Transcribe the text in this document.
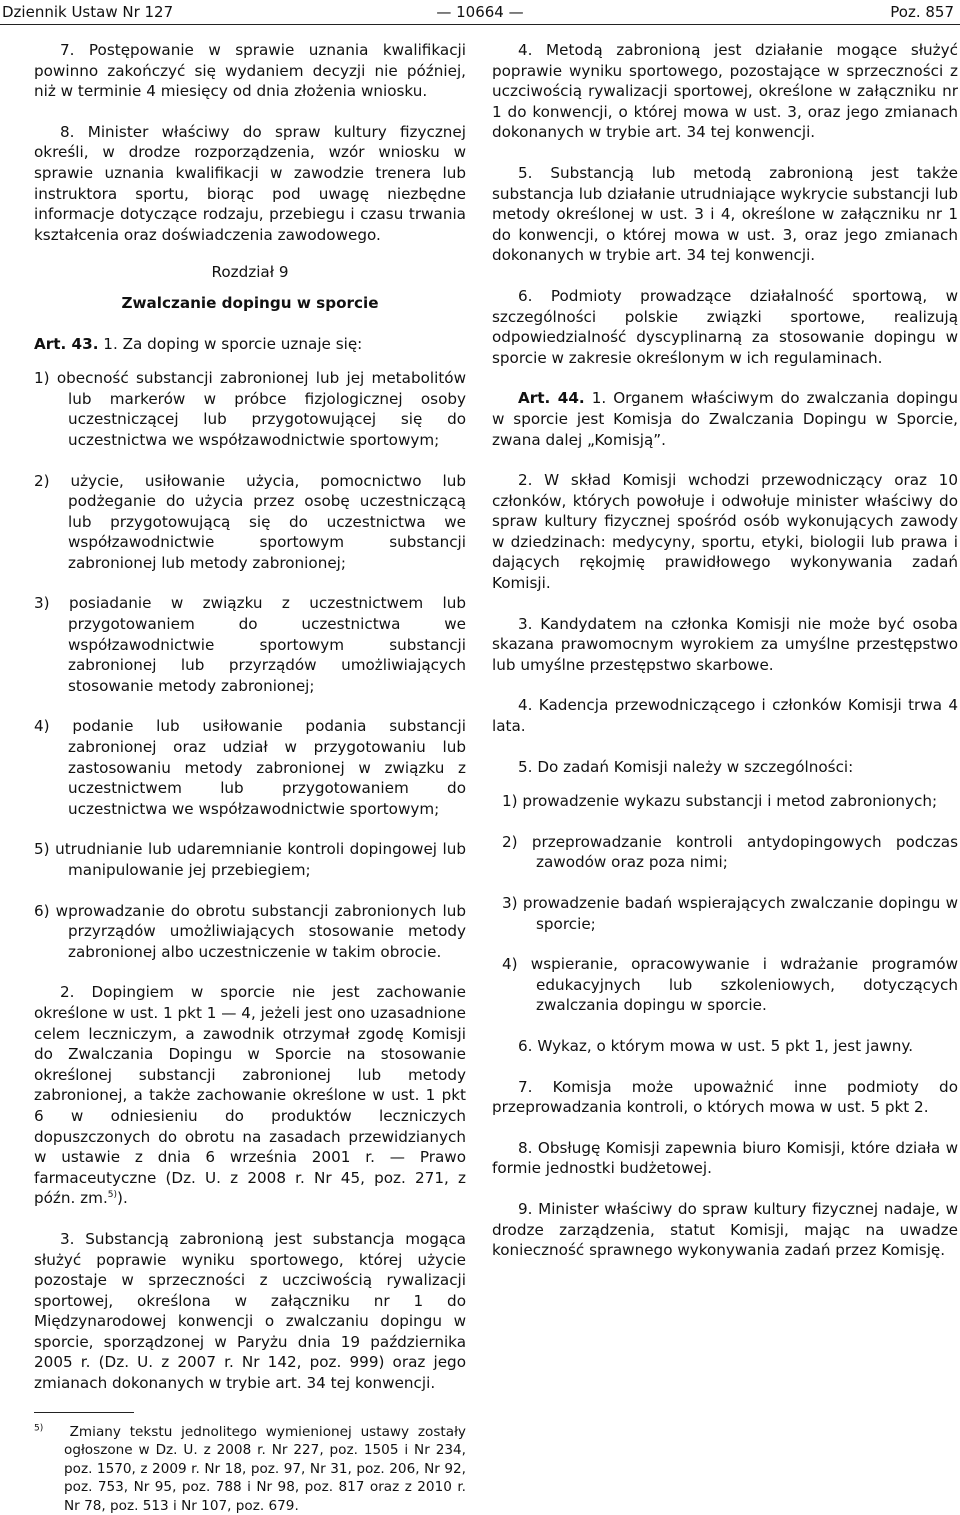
Dziennik Ustaw Nr 127	— 10664 —	Poz. 857

7. Postępowanie w sprawie uznania kwalifikacji powinno zakończyć się wydaniem decyzji nie później, niż w terminie 4 miesięcy od dnia złożenia wniosku.

8. Minister właściwy do spraw kultury fizycznej określi, w drodze rozporządzenia, wzór wniosku w sprawie uznania kwalifikacji w zawodzie trenera lub instruktora sportu, biorąc pod uwagę niezbędne informacje dotyczące rodzaju, przebiegu i czasu trwania kształcenia oraz doświadczenia zawodowego.

Rozdział 9

Zwalczanie dopingu w sporcie

Art. 43. 1. Za doping w sporcie uznaje się:

1) obecność substancji zabronionej lub jej metabolitów lub markerów w próbce fizjologicznej osoby uczestniczącej lub przygotowującej się do uczestnictwa we współzawodnictwie sportowym;

2) użycie, usiłowanie użycia, pomocnictwo lub podżeganie do użycia przez osobę uczestniczącą lub przygotowującą się do uczestnictwa we współzawodnictwie sportowym substancji zabronionej lub metody zabronionej;

3) posiadanie w związku z uczestnictwem lub przygotowaniem do uczestnictwa we współzawodnictwie sportowym substancji zabronionej lub przyrządów umożliwiających stosowanie metody zabronionej;

4) podanie lub usiłowanie podania substancji zabronionej oraz udział w przygotowaniu lub zastosowaniu metody zabronionej w związku z uczestnictwem lub przygotowaniem do uczestnictwa we współzawodnictwie sportowym;

5) utrudnianie lub udaremnianie kontroli dopingowej lub manipulowanie jej przebiegiem;

6) wprowadzanie do obrotu substancji zabronionych lub przyrządów umożliwiających stosowanie metody zabronionej albo uczestniczenie w takim obrocie.

2. Dopingiem w sporcie nie jest zachowanie określone w ust. 1 pkt 1 — 4, jeżeli jest ono uzasadnione celem leczniczym, a zawodnik otrzymał zgodę Komisji do Zwalczania Dopingu w Sporcie na stosowanie określonej substancji zabronionej lub metody zabronionej, a także zachowanie określone w ust. 1 pkt 6 w odniesieniu do produktów leczniczych dopuszczonych do obrotu na zasadach przewidzianych w ustawie z dnia 6 września 2001 r. — Prawo farmaceutyczne (Dz. U. z 2008 r. Nr 45, poz. 271, z późn. zm.$^{5)}$).

3. Substancją zabronioną jest substancja mogąca służyć poprawie wyniku sportowego, której użycie pozostaje w sprzeczności z uczciwością rywalizacji sportowej, określona w załączniku nr 1 do Międzynarodowej konwencji o zwalczaniu dopingu w sporcie, sporządzonej w Paryżu dnia 19 października 2005 r. (Dz. U. z 2007 r. Nr 142, poz. 999) oraz jego zmianach dokonanych w trybie art. 34 tej konwencji.

$^{5)}$ Zmiany tekstu jednolitego wymienionej ustawy zostały ogłoszone w Dz. U. z 2008 r. Nr 227, poz. 1505 i Nr 234, poz. 1570, z 2009 r. Nr 18, poz. 97, Nr 31, poz. 206, Nr 92, poz. 753, Nr 95, poz. 788 i Nr 98, poz. 817 oraz z 2010 r. Nr 78, poz. 513 i Nr 107, poz. 679.

4. Metodą zabronioną jest działanie mogące służyć poprawie wyniku sportowego, pozostające w sprzeczności z uczciwością rywalizacji sportowej, określone w załączniku nr 1 do konwencji, o której mowa w ust. 3, oraz jego zmianach dokonanych w trybie art. 34 tej konwencji.

5. Substancją lub metodą zabronioną jest także substancja lub działanie utrudniające wykrycie substancji lub metody określonej w ust. 3 i 4, określone w załączniku nr 1 do konwencji, o której mowa w ust. 3, oraz jego zmianach dokonanych w trybie art. 34 tej konwencji.

6. Podmioty prowadzące działalność sportową, w szczególności polskie związki sportowe, realizują odpowiedzialność dyscyplinarną za stosowanie dopingu w sporcie w zakresie określonym w ich regulaminach.

Art. 44. 1. Organem właściwym do zwalczania dopingu w sporcie jest Komisja do Zwalczania Dopingu w Sporcie, zwana dalej „Komisją”.

2. W skład Komisji wchodzi przewodniczący oraz 10 członków, których powołuje i odwołuje minister właściwy do spraw kultury fizycznej spośród osób wykonujących zawody w dziedzinach: medycyny, sportu, etyki, biologii lub prawa i dających rękojmię prawidłowego wykonywania zadań Komisji.

3. Kandydatem na członka Komisji nie może być osoba skazana prawomocnym wyrokiem za umyślne przestępstwo lub umyślne przestępstwo skarbowe.

4. Kadencja przewodniczącego i członków Komisji trwa 4 lata.

5. Do zadań Komisji należy w szczególności:

1) prowadzenie wykazu substancji i metod zabronionych;

2) przeprowadzanie kontroli antydopingowych podczas zawodów oraz poza nimi;

3) prowadzenie badań wspierających zwalczanie dopingu w sporcie;

4) wspieranie, opracowywanie i wdrażanie programów edukacyjnych lub szkoleniowych, dotyczących zwalczania dopingu w sporcie.

6. Wykaz, o którym mowa w ust. 5 pkt 1, jest jawny.

7. Komisja może upoważnić inne podmioty do przeprowadzania kontroli, o których mowa w ust. 5 pkt 2.

8. Obsługę Komisji zapewnia biuro Komisji, które działa w formie jednostki budżetowej.

9. Minister właściwy do spraw kultury fizycznej nadaje, w drodze zarządzenia, statut Komisji, mając na uwadze konieczność sprawnego wykonywania zadań przez Komisję.
